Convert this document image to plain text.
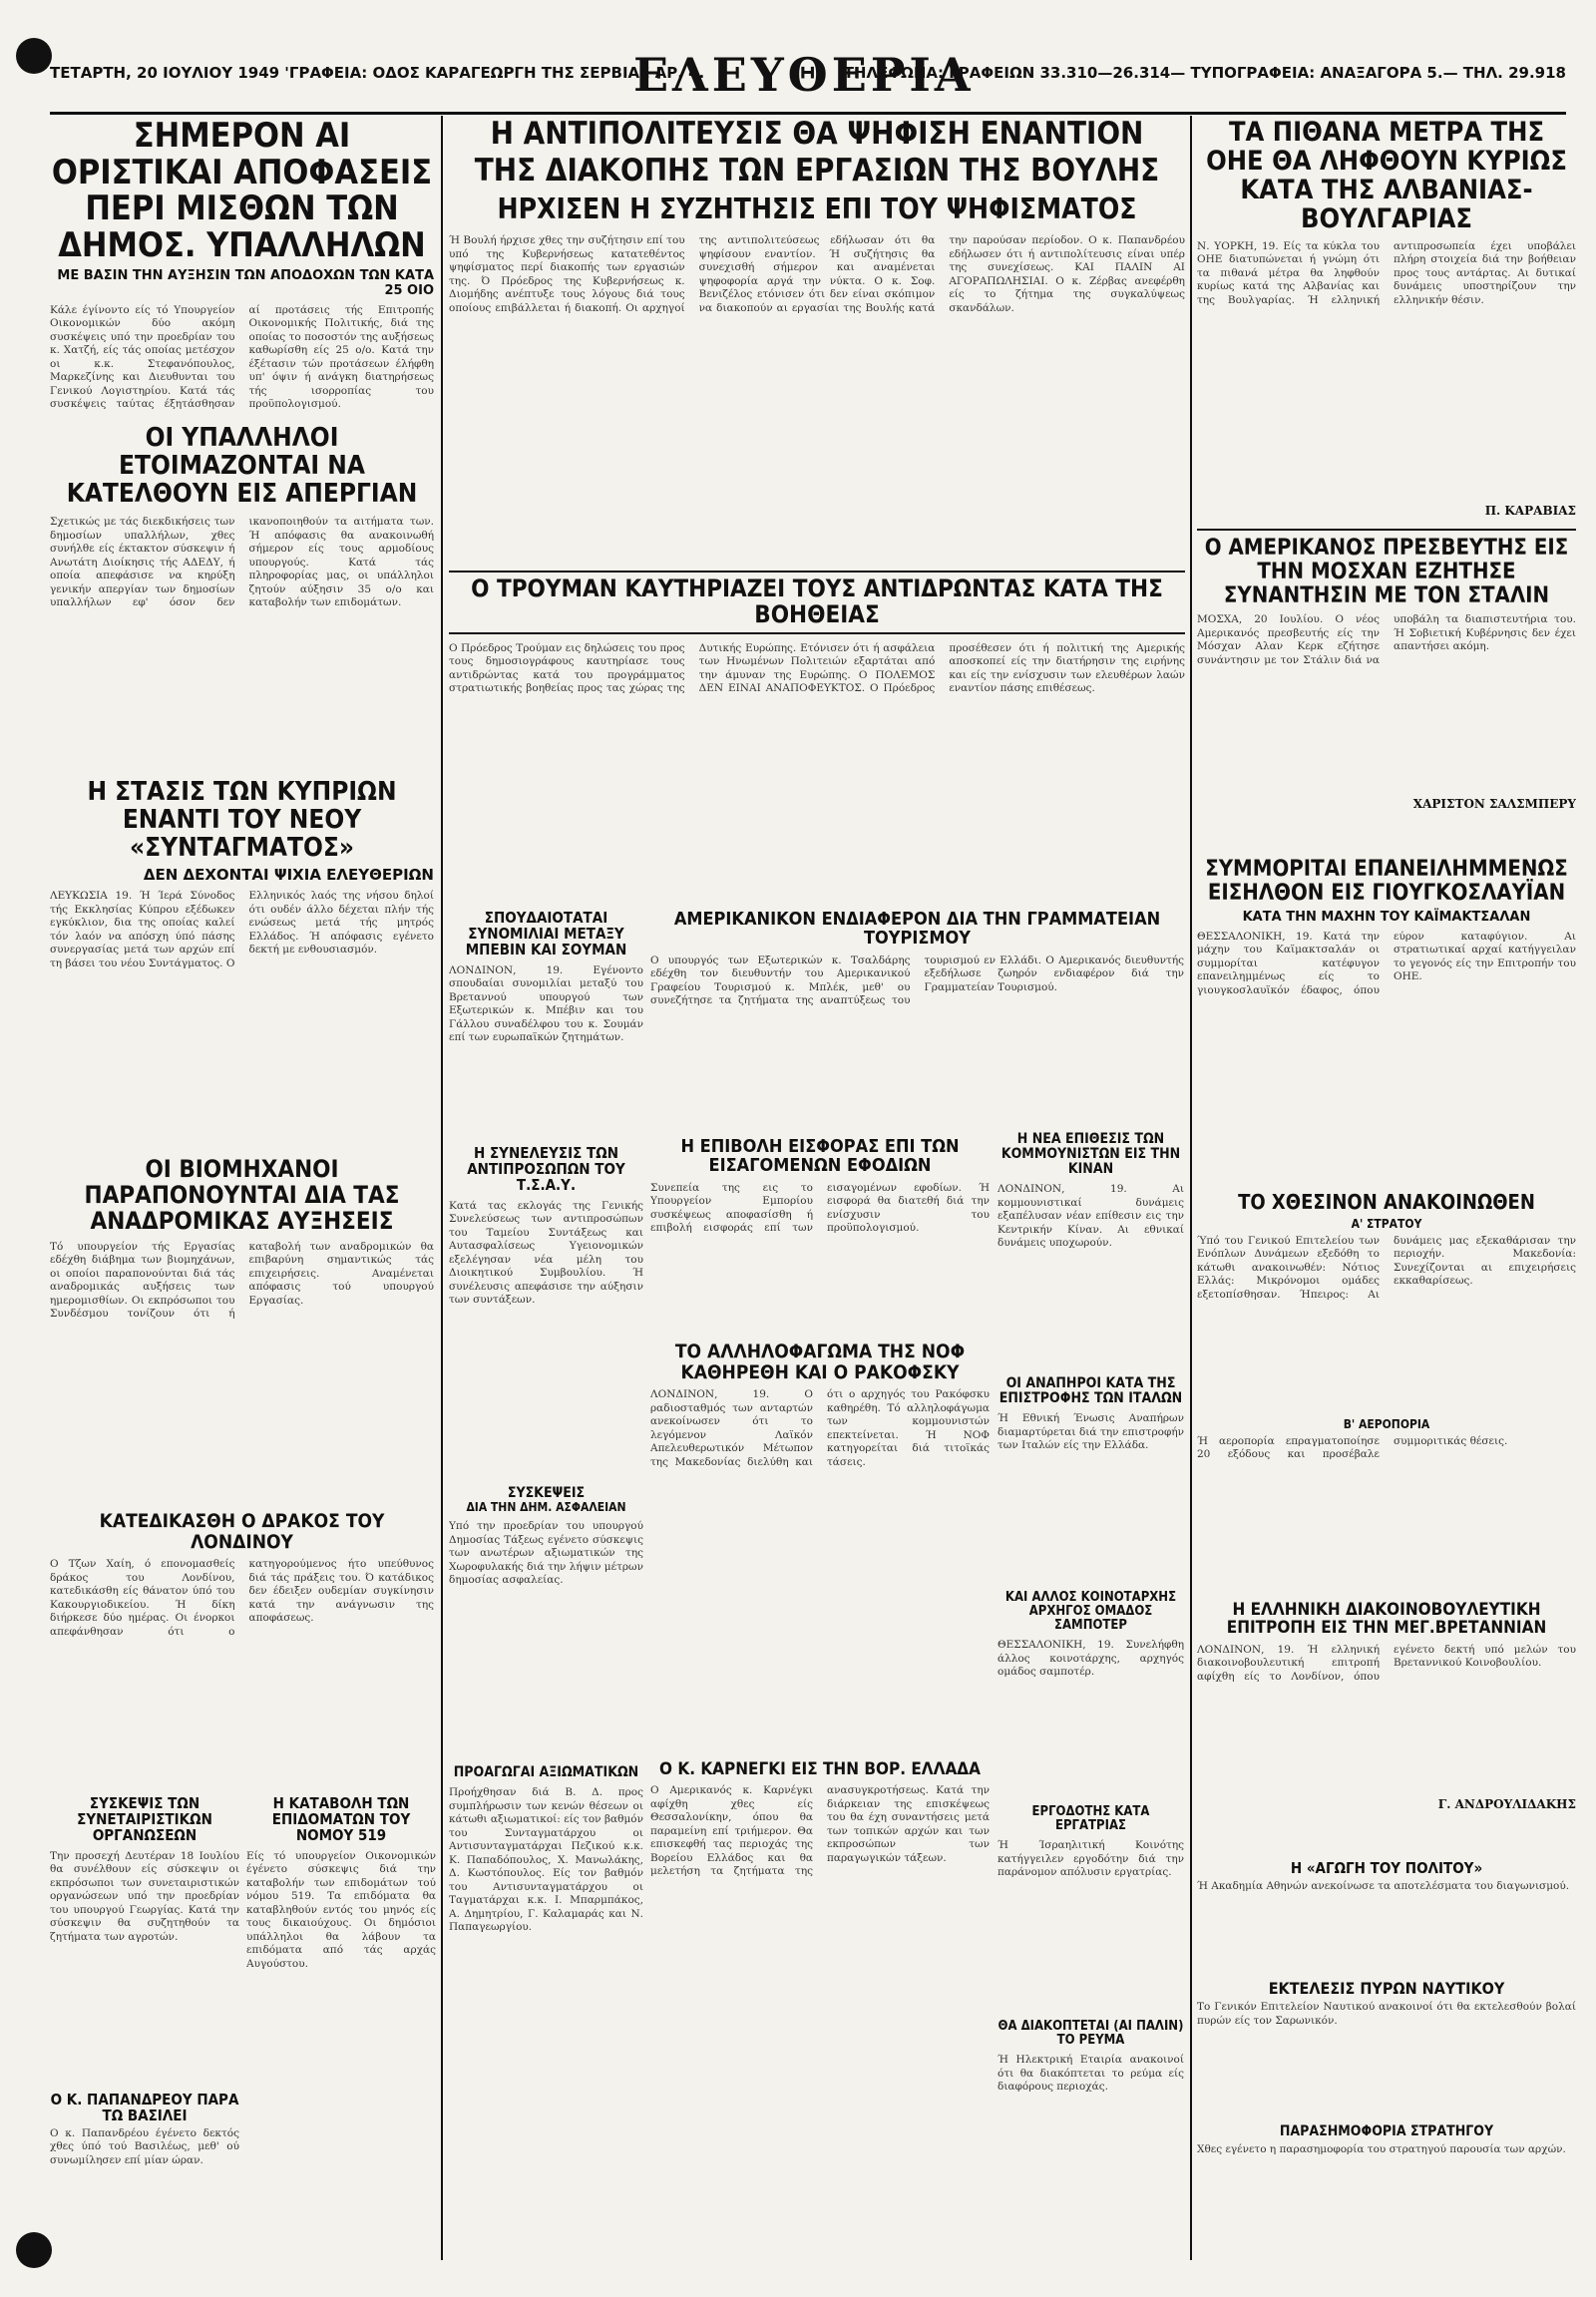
ΤΕΤΑΡΤΗ, 20 ΙΟΥΛΙΟΥ 1949 'ΓΡΑΦΕΙΑ: ΟΔΟΣ ΚΑΡΑΓΕΩΡΓΗ ΤΗΣ ΣΕΡΒΙΑΣ ΑΡ. 4.
ΕΛΕΥΘΕΡΙΑ
ΤΗΛΕΦΩΝΑ: ΓΡΑΦΕΙΩΝ 33.310—26.314— ΤΥΠΟΓΡΑΦΕΙΑ: ΑΝΑΞΑΓΟΡΑ 5.— ΤΗΛ. 29.918
ΣΗΜΕΡΟΝ ΑΙ ΟΡΙΣΤΙΚΑΙ ΑΠΟΦΑΣΕΙΣ ΠΕΡΙ ΜΙΣΘΩΝ ΤΩΝ ΔΗΜΟΣ. ΥΠΑΛΛΗΛΩΝ
ΜΕ ΒΑΣΙΝ ΤΗΝ ΑΥΞΗΣΙΝ ΤΩΝ ΑΠΟΔΟΧΩΝ ΤΩΝ ΚΑΤΑ 25 ΟΙΟ
Κάλε έγίνοντο είς τό Υπουργείον Οικονομικών δύο ακόμη συσκέψεις υπό την προεδρίαν του κ. Χατζή, είς τάς οποίας μετέσχον οι κ.κ. Στεφανόπουλος, Μαρκεζίνης και Διευθυνται του Γενικού Λογιστηρίου. Κατά τάς συσκέψεις ταύτας έξητάσθησαν αί προτάσεις τής Επιτροπής Οικονομικής Πολιτικής, διά της οποίας το ποσοστόν της αυξήσεως καθωρίσθη είς 25 ο/ο. Κατά την έξέτασιν τών προτάσεων έλήφθη υπ' όψιν ή ανάγκη διατηρήσεως τής ισορροπίας του προϋπολογισμού.
ΟΙ ΥΠΑΛΛΗΛΟΙ ΕΤΟΙΜΑΖΟΝΤΑΙ ΝΑ ΚΑΤΕΛΘΟΥΝ ΕΙΣ ΑΠΕΡΓΙΑΝ
Σχετικώς με τάς διεκδικήσεις των δημοσίων υπαλλήλων, χθες συνήλθε είς έκτακτον σύσκεψιν ή Ανωτάτη Διοίκησις τής ΑΔΕΔΥ, ή οποία απεφάσισε να κηρύξη γενικήν απεργίαν των δημοσίων υπαλλήλων εφ' όσον δεν ικανοποιηθούν τα αιτήματα των. Ή απόφασις θα ανακοινωθή σήμερον είς τους αρμοδίους υπουργούς. Κατά τάς πληροφορίας μας, οι υπάλληλοι ζητούν αύξησιν 35 ο/ο και καταβολήν των επιδομάτων.
Η ΣΤΑΣΙΣ ΤΩΝ ΚΥΠΡΙΩΝ ΕΝΑΝΤΙ ΤΟΥ ΝΕΟΥ «ΣΥΝΤΑΓΜΑΤΟΣ»
ΔΕΝ ΔΕΧΟΝΤΑΙ ΨΙΧΙΑ ΕΛΕΥΘΕΡΙΩΝ
ΛΕΥΚΩΣΙΑ 19. Ή Ίερά Σύνοδος τής Εκκλησίας Κύπρου εξέδωκεν εγκύκλιον, δια της οποίας καλεί τόν λαόν να απόσχη ύπό πάσης συνεργασίας μετά των αρχών επί τη βάσει του νέου Συντάγματος. Ο Ελληνικός λαός της νήσου δηλοί ότι ουδέν άλλο δέχεται πλήν τής ενώσεως μετά τής μητρός Ελλάδος. Ή απόφασις εγένετο δεκτή με ενθουσιασμόν.
ΟΙ ΒΙΟΜΗΧΑΝΟΙ ΠΑΡΑΠΟΝΟΥΝΤΑΙ ΔΙΑ ΤΑΣ ΑΝΑΔΡΟΜΙΚΑΣ ΑΥΞΗΣΕΙΣ
Τό υπουργείον τής Εργασίας εδέχθη διάβημα των βιομηχάνων, οι οποίοι παραπονούνται διά τάς αναδρομικάς αυξήσεις των ημερομισθίων. Οι εκπρόσωποι του Συνδέσμου τονίζουν ότι ή καταβολή των αναδρομικών θα επιβαρύνη σημαντικώς τάς επιχειρήσεις. Αναμένεται απόφασις τού υπουργού Εργασίας.
ΚΑΤΕΔΙΚΑΣΘΗ Ο ΔΡΑΚΟΣ ΤΟΥ ΛΟΝΔΙΝΟΥ
Ο Τζων Χαίη, ό επονομασθείς δράκος του Λονδίνου, κατεδικάσθη είς θάνατον ύπό του Κακουργιοδικείου. Ή δίκη διήρκεσε δύο ημέρας. Οι ένορκοι απεφάνθησαν ότι ο κατηγορούμενος ήτο υπεύθυνος διά τάς πράξεις του. Ό κατάδικος δεν έδειξεν ουδεμίαν συγκίνησιν κατά την ανάγνωσιν της αποφάσεως.
ΣΥΣΚΕΨΙΣ ΤΩΝ ΣΥΝΕΤΑΙΡΙΣΤΙΚΩΝ ΟΡΓΑΝΩΣΕΩΝ
Την προσεχή Δευτέραν 18 Ιουλίου θα συνέλθουν είς σύσκεψιν οι εκπρόσωποι των συνεταιριστικών οργανώσεων υπό την προεδρίαν του υπουργού Γεωργίας. Κατά την σύσκεψιν θα συζητηθούν τα ζητήματα των αγροτών.
Ο Κ. ΠΑΠΑΝΔΡΕΟΥ ΠΑΡΑ ΤΩ ΒΑΣΙΛΕΙ
Ο κ. Παπανδρέου έγένετο δεκτός χθες ύπό τού Βασιλέως, μεθ' ού συνωμίλησεν επί μίαν ώραν.
Η ΚΑΤΑΒΟΛΗ ΤΩΝ ΕΠΙΔΟΜΑΤΩΝ ΤΟΥ ΝΟΜΟΥ 519
Είς τό υπουργείον Οικονομικών έγένετο σύσκεψις διά την καταβολήν των επιδομάτων τού νόμου 519. Τα επιδόματα θα καταβληθούν εντός του μηνός είς τους δικαιούχους. Οι δημόσιοι υπάλληλοι θα λάβουν τα επιδόματα από τάς αρχάς Αυγούστου.
Η ΑΝΤΙΠΟΛΙΤΕΥΣΙΣ ΘΑ ΨΗΦΙΣΗ ΕΝΑΝΤΙΟΝ
ΤΗΣ ΔΙΑΚΟΠΗΣ ΤΩΝ ΕΡΓΑΣΙΩΝ ΤΗΣ ΒΟΥΛΗΣ
ΗΡΧΙΣΕΝ Η ΣΥΖΗΤΗΣΙΣ ΕΠΙ ΤΟΥ ΨΗΦΙΣΜΑΤΟΣ
Ή Βουλή ήρχισε χθες την συζήτησιν επί του υπό της Κυβερνήσεως κατατεθέντος ψηφίσματος περί διακοπής των εργασιών της. Ό Πρόεδρος της Κυβερνήσεως κ. Διομήδης ανέπτυξε τους λόγους διά τους οποίους επιβάλλεται ή διακοπή. Οι αρχηγοί της αντιπολιτεύσεως εδήλωσαν ότι θα ψηφίσουν εναντίον. Ή συζήτησις θα συνεχισθή σήμερον και αναμένεται ψηφοφορία αργά την νύκτα. Ο κ. Σοφ. Βενιζέλος ετόνισεν ότι δεν είναι σκόπιμον να διακοπούν αι εργασίαι της Βουλής κατά την παρούσαν περίοδον. Ο κ. Παπανδρέου εδήλωσεν ότι ή αντιπολίτευσις είναι υπέρ της συνεχίσεως. ΚΑΙ ΠΑΛΙΝ ΑΙ ΑΓΟΡΑΠΩΛΗΣΙΑΙ. Ο κ. Ζέρβας ανεφέρθη είς το ζήτημα της συγκαλύψεως σκανδάλων.
Ο ΤΡΟΥΜΑΝ ΚΑΥΤΗΡΙΑΖΕΙ ΤΟΥΣ ΑΝΤΙΔΡΩΝΤΑΣ ΚΑΤΑ ΤΗΣ ΒΟΗΘΕΙΑΣ
Ο Πρόεδρος Τρούμαν εις δηλώσεις του προς τους δημοσιογράφους καυτηρίασε τους αντιδρώντας κατά του προγράμματος στρατιωτικής βοηθείας προς τας χώρας της Δυτικής Ευρώπης. Ετόνισεν ότι ή ασφάλεια των Ηνωμένων Πολιτειών εξαρτάται από την άμυναν της Ευρώπης. Ο ΠΟΛΕΜΟΣ ΔΕΝ ΕΙΝΑΙ ΑΝΑΠΟΦΕΥΚΤΟΣ. Ο Πρόεδρος προσέθεσεν ότι ή πολιτική της Αμερικής αποσκοπεί είς την διατήρησιν της ειρήνης και είς την ενίσχυσιν των ελευθέρων λαών εναντίον πάσης επιθέσεως.
ΣΠΟΥΔΑΙΟΤΑΤΑΙ ΣΥΝΟΜΙΛΙΑΙ ΜΕΤΑΞΥ ΜΠΕΒΙΝ ΚΑΙ ΣΟΥΜΑΝ
ΛΟΝΔΙΝΟΝ, 19. Εγένοντο σπουδαίαι συνομιλίαι μεταξύ του Βρεταννού υπουργού των Εξωτερικών κ. Μπέβιν και του Γάλλου συναδέλφου του κ. Σουμάν επί των ευρωπαϊκών ζητημάτων.
Η ΣΥΝΕΛΕΥΣΙΣ ΤΩΝ ΑΝΤΙΠΡΟΣΩΠΩΝ ΤΟΥ Τ.Σ.Α.Υ.
Κατά τας εκλογάς της Γενικής Συνελεύσεως των αντιπροσώπων του Ταμείου Συντάξεως και Αυτασφαλίσεως Υγειονομικών εξελέγησαν νέα μέλη του Διοικητικού Συμβουλίου. Ή συνέλευσις απεφάσισε την αύξησιν των συντάξεων.
ΣΥΣΚΕΨΕΙΣ
ΔΙΑ ΤΗΝ ΔΗΜ. ΑΣΦΑΛΕΙΑΝ
Υπό την προεδρίαν του υπουργού Δημοσίας Τάξεως εγένετο σύσκεψις των ανωτέρων αξιωματικών της Χωροφυλακής διά την λήψιν μέτρων δημοσίας ασφαλείας.
ΠΡΟΑΓΩΓΑΙ ΑΞΙΩΜΑΤΙΚΩΝ
Προήχθησαν διά Β. Δ. προς συμπλήρωσιν των κενών θέσεων οι κάτωθι αξιωματικοί: είς τον βαθμόν του Συνταγματάρχου οι Αντισυνταγματάρχαι Πεζικού κ.κ. Κ. Παπαδόπουλος, Χ. Μανωλάκης, Δ. Κωστόπουλος. Είς τον βαθμόν του Αντισυνταγματάρχου οι Ταγματάρχαι κ.κ. Ι. Μπαρμπάκος, Α. Δημητρίου, Γ. Καλαμαράς και Ν. Παπαγεωργίου.
ΑΜΕΡΙΚΑΝΙΚΟΝ ΕΝΔΙΑΦΕΡΟΝ ΔΙΑ ΤΗΝ ΓΡΑΜΜΑΤΕΙΑΝ ΤΟΥΡΙΣΜΟΥ
Ο υπουργός των Εξωτερικών κ. Τσαλδάρης εδέχθη τον διευθυντήν του Αμερικανικού Γραφείου Τουρισμού κ. Μπλέκ, μεθ' ου συνεζήτησε τα ζητήματα της αναπτύξεως του τουρισμού εν Ελλάδι. Ο Αμερικανός διευθυντής εξεδήλωσε ζωηρόν ενδιαφέρον διά την Γραμματείαν Τουρισμού.
Η ΝΕΑ ΕΠΙΘΕΣΙΣ ΤΩΝ ΚΟΜΜΟΥΝΙΣΤΩΝ ΕΙΣ ΤΗΝ ΚΙΝΑΝ
ΛΟΝΔΙΝΟΝ, 19. Αι κομμουνιστικαί δυνάμεις εξαπέλυσαν νέαν επίθεσιν εις την Κεντρικήν Κίναν. Αι εθνικαί δυνάμεις υποχωρούν.
Η ΕΠΙΒΟΛΗ ΕΙΣΦΟΡΑΣ ΕΠΙ ΤΩΝ ΕΙΣΑΓΟΜΕΝΩΝ ΕΦΟΔΙΩΝ
Συνεπεία της εις το Υπουργείον Εμπορίου συσκέψεως αποφασίσθη ή επιβολή εισφοράς επί των εισαγομένων εφοδίων. Ή εισφορά θα διατεθή διά την ενίσχυσιν του προϋπολογισμού.
ΤΟ ΑΛΛΗΛΟΦΑΓΩΜΑ ΤΗΣ ΝΟΦ ΚΑΘΗΡΕΘΗ ΚΑΙ Ο ΡΑΚΟΦΣΚΥ
ΛΟΝΔΙΝΟΝ, 19. Ο ραδιοσταθμός των ανταρτών ανεκοίνωσεν ότι το λεγόμενον Λαϊκόν Απελευθερωτικόν Μέτωπον της Μακεδονίας διελύθη και ότι ο αρχηγός του Ρακόφσκυ καθηρέθη. Τό αλληλοφάγωμα των κομμουνιστών επεκτείνεται. Ή ΝΟΦ κατηγορείται διά τιτοϊκάς τάσεις.
Ο Κ. ΚΑΡΝΕΓΚΙ ΕΙΣ ΤΗΝ ΒΟΡ. ΕΛΛΑΔΑ
Ο Αμερικανός κ. Καρνέγκι αφίχθη χθες είς Θεσσαλονίκην, όπου θα παραμείνη επί τριήμερον. Θα επισκεφθή τας περιοχάς της Βορείου Ελλάδος και θα μελετήση τα ζητήματα της ανασυγκροτήσεως. Κατά την διάρκειαν της επισκέψεως του θα έχη συναντήσεις μετά των τοπικών αρχών και των εκπροσώπων των παραγωγικών τάξεων.
ΟΙ ΑΝΑΠΗΡΟΙ ΚΑΤΑ ΤΗΣ ΕΠΙΣΤΡΟΦΗΣ ΤΩΝ ΙΤΑΛΩΝ
Ή Εθνική Ένωσις Αναπήρων διαμαρτύρεται διά την επιστροφήν των Ιταλών είς την Ελλάδα.
ΚΑΙ ΑΛΛΟΣ ΚΟΙΝΟΤΑΡΧΗΣ ΑΡΧΗΓΟΣ ΟΜΑΔΟΣ ΣΑΜΠΟΤΕΡ
ΘΕΣΣΑΛΟΝΙΚΗ, 19. Συνελήφθη άλλος κοινοτάρχης, αρχηγός ομάδος σαμποτέρ.
ΕΡΓΟΔΟΤΗΣ ΚΑΤΑ ΕΡΓΑΤΡΙΑΣ
Ή Ίσραηλιτική Κοινότης κατήγγειλεν εργοδότην διά την παράνομον απόλυσιν εργατρίας.
ΘΑ ΔΙΑΚΟΠΤΕΤΑΙ (ΑΙ ΠΑΛΙΝ) ΤΟ ΡΕΥΜΑ
Ή Ηλεκτρική Εταιρία ανακοινοί ότι θα διακόπτεται το ρεύμα είς διαφόρους περιοχάς.
ΤΑ ΠΙΘΑΝΑ ΜΕΤΡΑ ΤΗΣ ΟΗΕ ΘΑ ΛΗΦΘΟΥΝ ΚΥΡΙΩΣ ΚΑΤΑ ΤΗΣ ΑΛΒΑΝΙΑΣ-ΒΟΥΛΓΑΡΙΑΣ
Ν. ΥΟΡΚΗ, 19. Είς τα κύκλα του ΟΗΕ διατυπώνεται ή γνώμη ότι τα πιθανά μέτρα θα ληφθούν κυρίως κατά της Αλβανίας και της Βουλγαρίας. Ή ελληνική αντιπροσωπεία έχει υποβάλει πλήρη στοιχεία διά την βοήθειαν προς τους αντάρτας. Αι δυτικαί δυνάμεις υποστηρίζουν την ελληνικήν θέσιν.
Π. ΚΑΡΑΒΙΑΣ
Ο ΑΜΕΡΙΚΑΝΟΣ ΠΡΕΣΒΕΥΤΗΣ ΕΙΣ ΤΗΝ ΜΟΣΧΑΝ ΕΖΗΤΗΣΕ ΣΥΝΑΝΤΗΣΙΝ ΜΕ ΤΟΝ ΣΤΑΛΙΝ
ΜΟΣΧΑ, 20 Ιουλίου. Ο νέος Αμερικανός πρεσβευτής είς την Μόσχαν Αλαν Κερκ εζήτησε συνάντησιν με τον Στάλιν διά να υποβάλη τα διαπιστευτήρια του. Ή Σοβιετική Κυβέρνησις δεν έχει απαντήσει ακόμη.
ΧΑΡΙΣΤΟΝ ΣΑΛΣΜΠΕΡΥ
ΣΥΜΜΟΡΙΤΑΙ ΕΠΑΝΕΙΛΗΜΜΕΝΩΣ ΕΙΣΗΛΘΟΝ ΕΙΣ ΓΙΟΥΓΚΟΣΛΑΥΪΑΝ
ΚΑΤΑ ΤΗΝ ΜΑΧΗΝ ΤΟΥ ΚΑΪΜΑΚΤΣΑΛΑΝ
ΘΕΣΣΑΛΟΝΙΚΗ, 19. Κατά την μάχην του Καϊμακτσαλάν οι συμμορίται κατέφυγον επανειλημμένως είς το γιουγκοσλαυϊκόν έδαφος, όπου εύρον καταφύγιον. Αι στρατιωτικαί αρχαί κατήγγειλαν το γεγονός είς την Επιτροπήν του ΟΗΕ.
ΤΟ ΧΘΕΣΙΝΟΝ ΑΝΑΚΟΙΝΩΘΕΝ
Α' ΣΤΡΑΤΟΥ
Ύπό του Γενικού Επιτελείου των Ενόπλων Δυνάμεων εξεδόθη το κάτωθι ανακοινωθέν: Νότιος Ελλάς: Μικρόνομοι ομάδες εξετοπίσθησαν. Ήπειρος: Αι δυνάμεις μας εξεκαθάρισαν την περιοχήν. Μακεδονία: Συνεχίζονται αι επιχειρήσεις εκκαθαρίσεως.
Β' ΑΕΡΟΠΟΡΙΑ
Ή αεροπορία επραγματοποίησε 20 εξόδους και προσέβαλε συμμοριτικάς θέσεις.
Η ΕΛΛΗΝΙΚΗ ΔΙΑΚΟΙΝΟΒΟΥΛΕΥΤΙΚΗ ΕΠΙΤΡΟΠΗ ΕΙΣ ΤΗΝ ΜΕΓ.ΒΡΕΤΑΝΝΙΑΝ
ΛΟΝΔΙΝΟΝ, 19. Ή ελληνική διακοινοβουλευτική επιτροπή αφίχθη είς το Λονδίνον, όπου εγένετο δεκτή υπό μελών του Βρεταννικού Κοινοβουλίου.
Γ. ΑΝΔΡΟΥΛΙΔΑΚΗΣ
Η «ΑΓΩΓΗ ΤΟΥ ΠΟΛΙΤΟΥ»
Ή Ακαδημία Αθηνών ανεκοίνωσε τα αποτελέσματα του διαγωνισμού.
ΕΚΤΕΛΕΣΙΣ ΠΥΡΩΝ ΝΑΥΤΙΚΟΥ
Το Γενικόν Επιτελείον Ναυτικού ανακοινοί ότι θα εκτελεσθούν βολαί πυρών είς τον Σαρωνικόν.
ΠΑΡΑΣΗΜΟΦΟΡΙΑ ΣΤΡΑΤΗΓΟΥ
Χθες εγένετο η παρασημοφορία του στρατηγού παρουσία των αρχών.
